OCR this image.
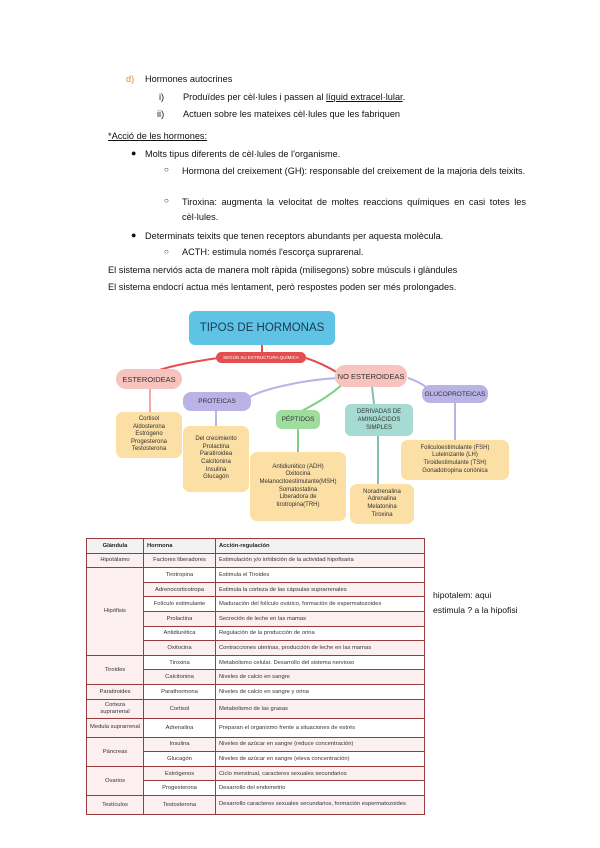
d) Hormones autocrines
i) Produïdes per cèl·lules i passen al líquid extracel·lular.
ii) Actuen sobre les mateixes cèl·lules que les fabriquen
*Acció de les hormones:
● Molts tipus diferents de cèl·lules de l'organisme.
○ Hormona del creixement (GH): responsable del creixement de la majoria dels teixits.
○ Tiroxina: augmenta la velocitat de moltes reaccions químiques en casi totes les cèl·lules.
● Determinats teixits que tenen receptors abundants per aquesta molècula.
○ ACTH: estimula només l'escorça suprarenal.
El sistema nerviós acta de manera molt ràpida (milisegons) sobre músculs i glàndules
El sistema endocrí actua més lentament, però respostes poden ser més prolongades.
TIPOS DE HORMONAS
SEGÚN SU ESTRUCTURA QUÍMICA
ESTEROIDEAS	NO ESTEROIDEAS
PROTEICAS
PÉPTIDOS
DERIVADAS DE
AMINOÁCIDOS
SIMPLES
GLUCOPROTEICAS
Cortisol
Aldosterona
Estrógeno
Progesterona
Testosterona
Del crecimiento
Prolactina
Paratiroidea
Calcitonina
Insulina
Glucagón
Antidiurético (ADH)
Oxitocina
Melanocitoestimulante(MSH)
Somatostatina
Liberadora de
tirotropina(TRH)
Noradrenalina
Adrenalina
Melatonina
Tiroxina
Foliculoestimulante (FSH)
Luteinizante (LH)
Tiroidestimulante (TSH)
Gonadotropina coriónica
Glándula	Hormona	Acción-regulación
Hipotálamo	Factores liberadores	Estimulación y/o inhibición de la actividad hipofisaria
Hipófisis	Tirotropina	Estimula el Tiroides
	Adrenocorticotropa	Estimula la corteza de las cápsulas suprarrenales
	Folículo estimulante	Maduración del folículo ovárico, formación de espermatozoides
	Prolactina	Secreción de leche en las mamas
	Antidiurética	Regulación de la producción de orina
	Oxitocina	Contracciones uterinas, producción de leche en las mamas
Tiroides	Tiroxina	Metabolismo celular. Desarrollo del sistema nervioso
	Calcitonina	Niveles de calcio en sangre
Paratiroides	Parathormona	Niveles de calcio en sangre y orina
Corteza suprarrenal	Cortisol	Metabolismo de las grasas
Medula suprarrenal	Adrenalina	Preparan el organismo frente a situaciones de estrés
Páncreas	Insulina	Niveles de azúcar en sangre (reduce concentración)
	Glucagón	Niveles de azúcar en sangre (eleva concentración)
Ovarios	Estrógenos	Ciclo menstrual, caracteres sexuales secundarios
	Progesterona	Desarrollo del endometrio
Testículos	Testosterona	Desarrollo caracteres sexuales secundarios, formación espermatozoides
hipotalem: aqui
estimula ? a la hipofisi
